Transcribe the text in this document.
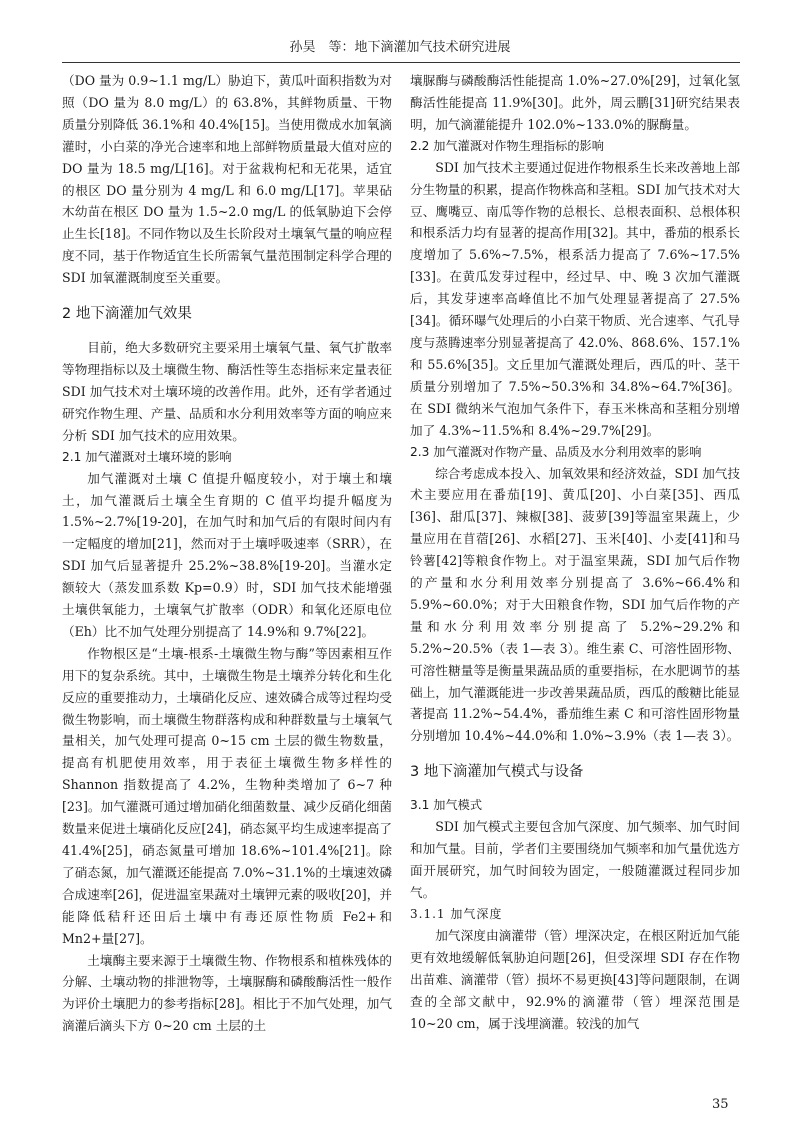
孙昊　等：地下滴灌加气技术研究进展

（DO 量为 0.9~1.1 mg/L）胁迫下，黄瓜叶面积指数为对照（DO 量为 8.0 mg/L）的 63.8%，其鲜物质量、干物质量分别降低 36.1%和 40.4%[15]。当使用微成水加氧滴灌时，小白菜的净光合速率和地上部鲜物质量最大值对应的 DO 量为 18.5 mg/L[16]。对于盆栽枸杞和无花果，适宜的根区 DO 量分别为 4 mg/L 和 6.0 mg/L[17]。苹果砧木幼苗在根区 DO 量为 1.5~2.0 mg/L 的低氧胁迫下会停止生长[18]。不同作物以及生长阶段对土壤氧气量的响应程度不同，基于作物适宜生长所需氧气量范围制定科学合理的 SDI 加氧灌溉制度至关重要。

2 地下滴灌加气效果

目前，绝大多数研究主要采用土壤氧气量、氧气扩散率等物理指标以及土壤微生物、酶活性等生态指标来定量表征 SDI 加气技术对土壤环境的改善作用。此外，还有学者通过研究作物生理、产量、品质和水分利用效率等方面的响应来分析 SDI 加气技术的应用效果。

2.1 加气灌溉对土壤环境的影响

加气灌溉对土壤 C 值提升幅度较小，对于壤土和壤土，加气灌溉后土壤全生育期的 C 值平均提升幅度为 1.5%~2.7%[19-20]，在加气时和加气后的有限时间内有一定幅度的增加[21]，然而对于土壤呼吸速率（SRR），在 SDI 加气后显著提升 25.2%~38.8%[19-20]。当灌水定额较大（蒸发皿系数 Kp=0.9）时，SDI 加气技术能增强土壤供氧能力，土壤氧气扩散率（ODR）和氧化还原电位（Eh）比不加气处理分别提高了 14.9%和 9.7%[22]。

作物根区是“土壤-根系-土壤微生物与酶”等因素相互作用下的复杂系统。其中，土壤微生物是土壤养分转化和生化反应的重要推动力，土壤硝化反应、速效磷合成等过程均受微生物影响，而土壤微生物群落构成和种群数量与土壤氧气量相关，加气处理可提高 0~15 cm 土层的微生物数量，提高有机肥使用效率，用于表征土壤微生物多样性的 Shannon 指数提高了 4.2%，生物种类增加了 6~7 种[23]。加气灌溉可通过增加硝化细菌数量、减少反硝化细菌数量来促进土壤硝化反应[24]，硝态氮平均生成速率提高了 41.4%[25]，硝态氮量可增加 18.6%~101.4%[21]。除了硝态氮，加气灌溉还能提高 7.0%~31.1%的土壤速效磷合成速率[26]，促进温室果蔬对土壤钾元素的吸收[20]，并能降低秸秆还田后土壤中有毒还原性物质 Fe2+和 Mn2+量[27]。

土壤酶主要来源于土壤微生物、作物根系和植株残体的分解、土壤动物的排泄物等，土壤脲酶和磷酸酶活性一般作为评价土壤肥力的参考指标[28]。相比于不加气处理，加气滴灌后滴头下方 0~20 cm 土层的土

壤脲酶与磷酸酶活性能提高 1.0%~27.0%[29]，过氧化氢酶活性能提高 11.9%[30]。此外，周云鹏[31]研究结果表明，加气滴灌能提升 102.0%~133.0%的脲酶量。

2.2 加气灌溉对作物生理指标的影响

SDI 加气技术主要通过促进作物根系生长来改善地上部分生物量的积累，提高作物株高和茎粗。SDI 加气技术对大豆、鹰嘴豆、南瓜等作物的总根长、总根表面积、总根体积和根系活力均有显著的提高作用[32]。其中，番茄的根系长度增加了 5.6%~7.5%，根系活力提高了 7.6%~17.5%[33]。在黄瓜发芽过程中，经过早、中、晚 3 次加气灌溉后，其发芽速率高峰值比不加气处理显著提高了 27.5%[34]。循环曝气处理后的小白菜干物质、光合速率、气孔导度与蒸腾速率分别显著提高了 42.0%、868.6%、157.1%和 55.6%[35]。文丘里加气灌溉处理后，西瓜的叶、茎干质量分别增加了 7.5%~50.3%和 34.8%~64.7%[36]。在 SDI 微纳米气泡加气条件下，春玉米株高和茎粗分别增加了 4.3%~11.5%和 8.4%~29.7%[29]。

2.3 加气灌溉对作物产量、品质及水分利用效率的影响

综合考虑成本投入、加氧效果和经济效益，SDI 加气技术主要应用在番茄[19]、黄瓜[20]、小白菜[35]、西瓜[36]、甜瓜[37]、辣椒[38]、菠萝[39]等温室果蔬上，少量应用在苜蓿[26]、水稻[27]、玉米[40]、小麦[41]和马铃薯[42]等粮食作物上。对于温室果蔬，SDI 加气后作物的产量和水分利用效率分别提高了 3.6%~66.4%和 5.9%~60.0%；对于大田粮食作物，SDI 加气后作物的产量和水分利用效率分别提高了 5.2%~29.2%和 5.2%~20.5%（表 1—表 3）。维生素 C、可溶性固形物、可溶性糖量等是衡量果蔬品质的重要指标，在水肥调节的基础上，加气灌溉能进一步改善果蔬品质，西瓜的酸糖比能显著提高 11.2%~54.4%，番茄维生素 C 和可溶性固形物量分别增加 10.4%~44.0%和 1.0%~3.9%（表 1—表 3）。

3 地下滴灌加气模式与设备
3.1 加气模式

SDI 加气模式主要包含加气深度、加气频率、加气时间和加气量。目前，学者们主要围绕加气频率和加气量优选方面开展研究，加气时间较为固定，一般随灌溉过程同步加气。

3.1.1 加气深度

加气深度由滴灌带（管）埋深决定，在根区附近加气能更有效地缓解低氧胁迫问题[26]，但受深埋 SDI 存在作物出苗难、滴灌带（管）损坏不易更换[43]等问题限制，在调查的全部文献中，92.9%的滴灌带（管）埋深范围是 10~20 cm，属于浅埋滴灌。较浅的加气

35
